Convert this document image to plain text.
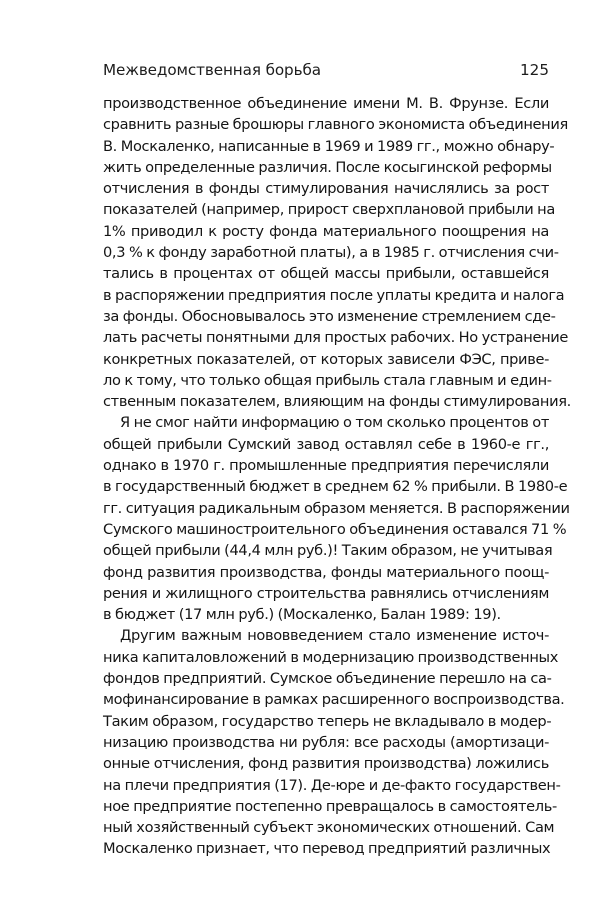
Межведомственная борьба	125
производственное объединение имени М. В. Фрунзе. Если
сравнить разные брошюры главного экономиста объединения
В. Москаленко, написанные в 1969 и 1989 гг., можно обнару-
жить определенные различия. После косыгинской реформы
отчисления в фонды стимулирования начислялись за рост
показателей (например, прирост сверхплановой прибыли на
1% приводил к росту фонда материального поощрения на
0,3 % к фонду заработной платы), а в 1985 г. отчисления счи-
тались в процентах от общей массы прибыли, оставшейся
в распоряжении предприятия после уплаты кредита и налога
за фонды. Обосновывалось это изменение стремлением сде-
лать расчеты понятными для простых рабочих. Но устранение
конкретных показателей, от которых зависели ФЭС, приве-
ло к тому, что только общая прибыль стала главным и един-
ственным показателем, влияющим на фонды стимулирования.
Я не смог найти информацию о том сколько процентов от
общей прибыли Сумский завод оставлял себе в 1960-е гг.,
однако в 1970 г. промышленные предприятия перечисляли
в государственный бюджет в среднем 62 % прибыли. В 1980-е
гг. ситуация радикальным образом меняется. В распоряжении
Сумского машиностроительного объединения оставался 71 %
общей прибыли (44,4 млн руб.)! Таким образом, не учитывая
фонд развития производства, фонды материального поощ-
рения и жилищного строительства равнялись отчислениям
в бюджет (17 млн руб.) (Москаленко, Балан 1989: 19).
Другим важным нововведением стало изменение источ-
ника капиталовложений в модернизацию производственных
фондов предприятий. Сумское объединение перешло на са-
мофинансирование в рамках расширенного воспроизводства.
Таким образом, государство теперь не вкладывало в модер-
низацию производства ни рубля: все расходы (амортизаци-
онные отчисления, фонд развития производства) ложились
на плечи предприятия (17). Де-юре и де-факто государствен-
ное предприятие постепенно превращалось в самостоятель-
ный хозяйственный субъект экономических отношений. Сам
Москаленко признает, что перевод предприятий различных
